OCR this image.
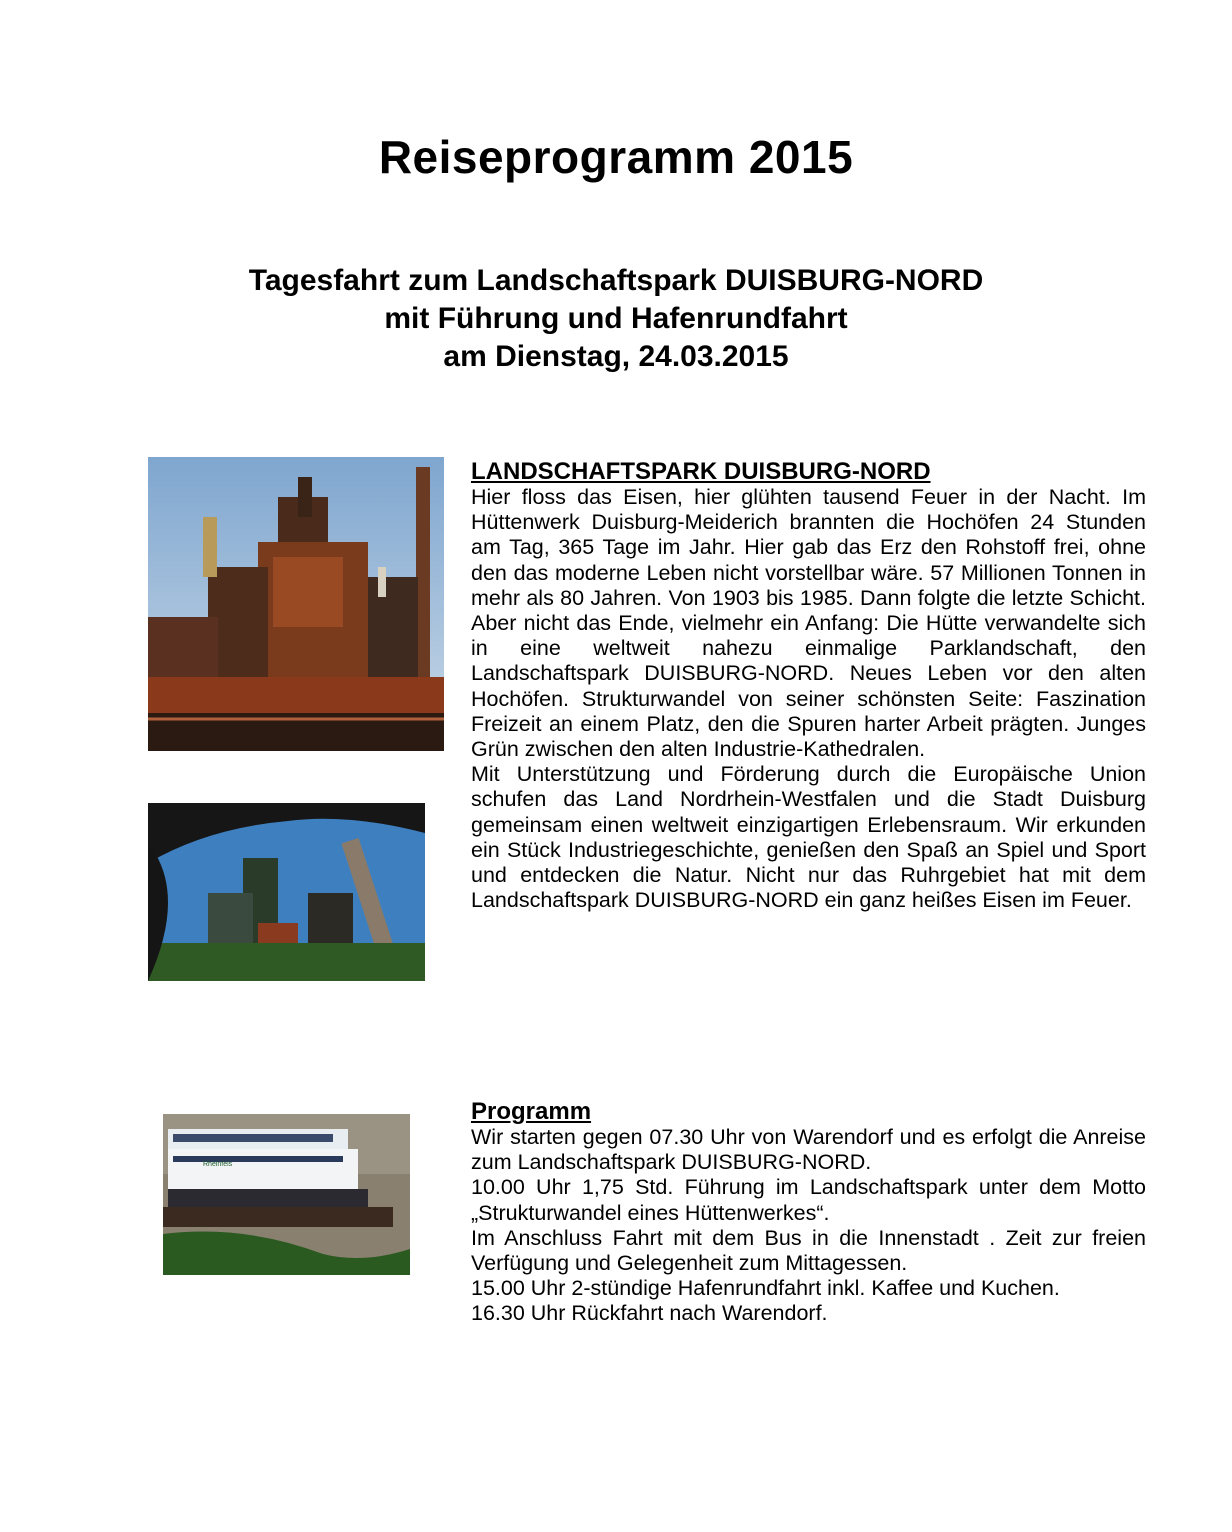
Reiseprogramm 2015
Tagesfahrt zum Landschaftspark DUISBURG-NORD
mit Führung und Hafenrundfahrt
am Dienstag, 24.03.2015
Rheinfels
LANDSCHAFTSPARK DUISBURG-NORD

Hier floss das Eisen, hier glühten tausend Feuer in der Nacht. Im Hüttenwerk Duisburg-Meiderich brannten die Hochöfen 24 Stunden am Tag, 365 Tage im Jahr. Hier gab das Erz den Rohstoff frei, ohne den das moderne Leben nicht vorstellbar wäre. 57 Millionen Tonnen in mehr als 80 Jahren. Von 1903 bis 1985. Dann folgte die letzte Schicht. Aber nicht das Ende, vielmehr ein Anfang: Die Hütte verwandelte sich in eine weltweit nahezu einmalige Parklandschaft, den Landschaftspark DUISBURG-NORD. Neues Leben vor den alten Hochöfen. Strukturwandel von seiner schönsten Seite: Faszination Freizeit an einem Platz, den die Spuren harter Arbeit prägten. Junges Grün zwischen den alten Industrie-Kathedralen.

Mit Unterstützung und Förderung durch die Europäische Union schufen das Land Nordrhein-Westfalen und die Stadt Duisburg gemeinsam einen weltweit einzigartigen Erlebensraum. Wir erkunden ein Stück Industriegeschichte, genießen den Spaß an Spiel und Sport und entdecken die Natur. Nicht nur das Ruhrgebiet hat mit dem Landschaftspark DUISBURG-NORD ein ganz heißes Eisen im Feuer.

Programm

Wir starten gegen 07.30 Uhr von Warendorf und es erfolgt die Anreise zum Landschaftspark DUISBURG-NORD.

10.00 Uhr 1,75 Std. Führung im Landschaftspark unter dem Motto „Strukturwandel eines Hüttenwerkes“.

Im Anschluss Fahrt mit dem Bus in die Innenstadt . Zeit zur freien Verfügung und Gelegenheit zum Mittagessen.

15.00 Uhr 2-stündige Hafenrundfahrt inkl. Kaffee und Kuchen.

16.30 Uhr Rückfahrt nach Warendorf.
